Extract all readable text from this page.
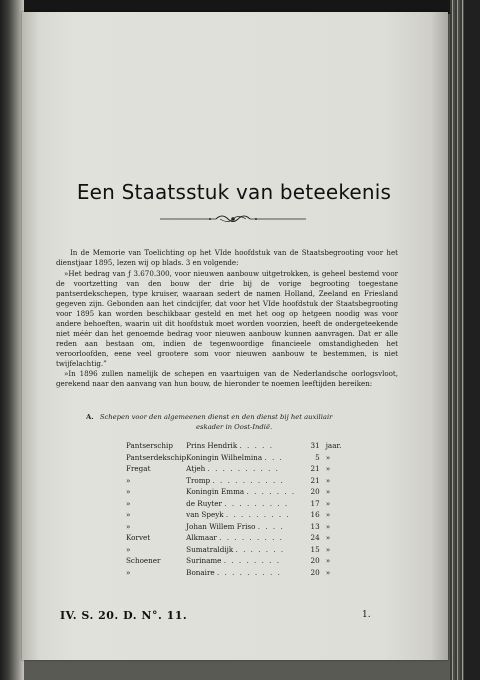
Een Staatsstuk van beteekenis

In de Memorie van Toelichting op het VIde hoofdstuk van de Staatsbegrooting voor het dienstjaar 1895, lezen wij op blads. 3 en volgende:

»Het bedrag van ƒ 3.670.300, voor nieuwen aanbouw uitgetrokken, is geheel bestemd voor de voortzetting van den bouw der drie bij de vorige begrooting toegestane pantserdekschepen, type kruiser, waaraan sedert de namen Holland, Zeeland en Friesland gegeven zijn. Gebonden aan het cindcijfer, dat voor het VIde hoofdstuk der Staatsbegrooting voor 1895 kan worden beschikbaar gesteld en met het oog op hetgeen noodig was voor andere behoeften, waarin uit dit hoofdstuk moet worden voorzien, heeft de ondergeteekende niet méér dan het genoemde bedrag voor nieuwen aanbouw kunnen aanvragen. Dat er alle reden aan bestaan om, indien de tegenwoordige financieele omstandigheden het veroorloofden, eene veel grootere som voor nieuwen aanbouw te bestemmen, is niet twijfelachtig.”

»In 1896 zullen namelijk de schepen en vaartuigen van de Nederlandsche oorlogsvloot, gerekend naar den aanvang van hun bouw, de hieronder te noemen leeftijden bereiken:

A. Schepen voor den algemeenen dienst en den dienst bij het auxiliair
eskader in Oost-Indië.
Pantserschip	Prins Hendrik . . . . .	31	jaar.
Pantserdekschip	Koningin Wilhelmina . . .	5	»
Fregat	Atjeh . . . . . . . . . .	21	»
»	Tromp . . . . . . . . . .	21	»
»	Koningin Emma . . . . . . .	20	»
»	de Ruyter . . . . . . . . .	17	»
»	van Speyk . . . . . . . . .	16	»
»	Johan Willem Friso . . . .	13	»
Korvet	Alkmaar . . . . . . . . .	24	»
»	Sumatraldijk . . . . . . .	15	»
Schoener	Suriname . . . . . . . .	20	»
»	Bonaire . . . . . . . . .	20	»
IV. S. 20. D. N°. 11.	1.
